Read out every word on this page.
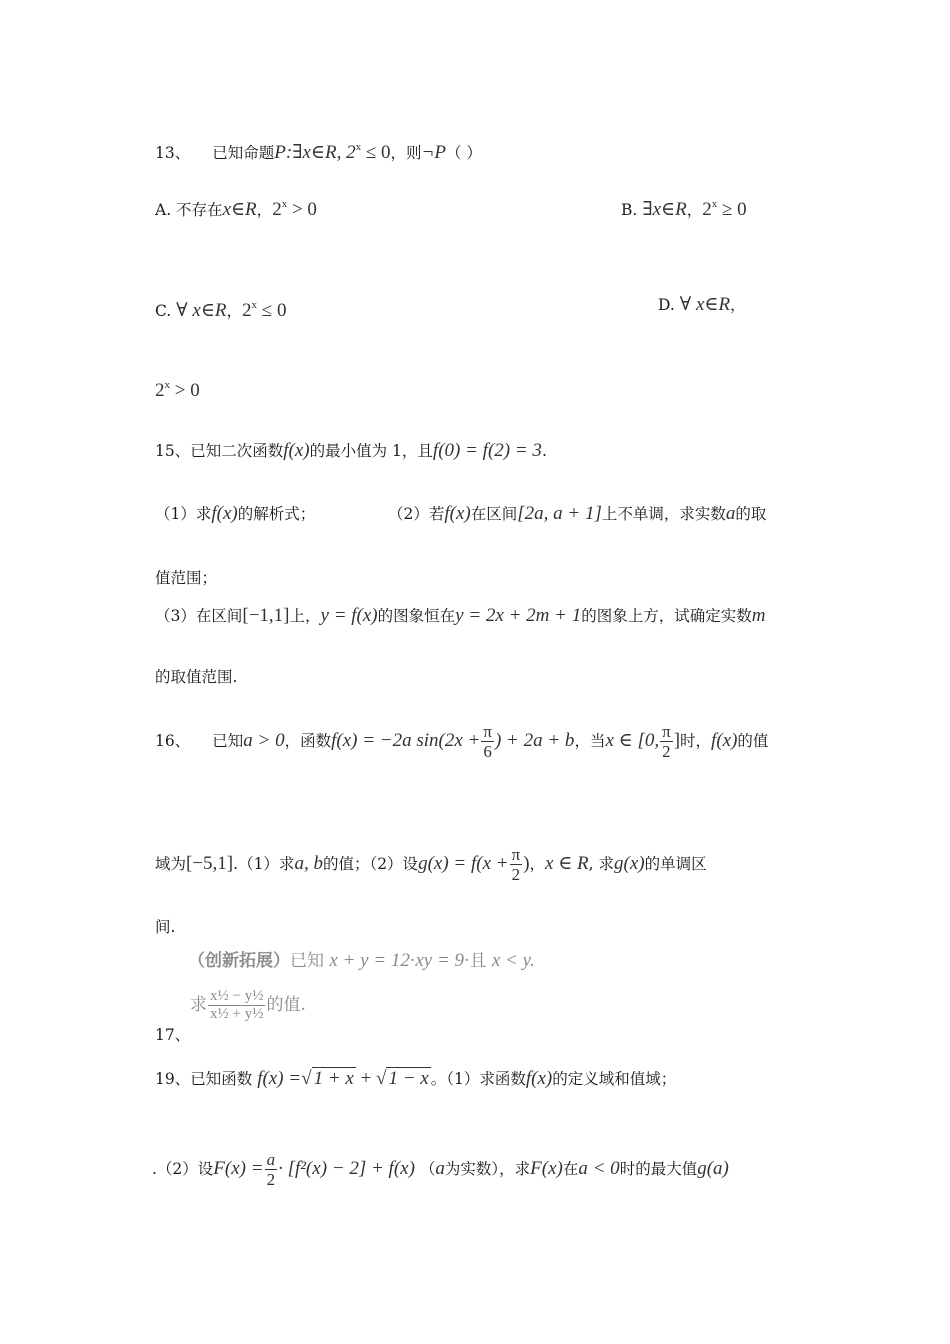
13、 已知命题P:∃x∈R, $2^x \le 0$，则¬P（ ）
A. 不存在x∈R，$2^x > 0$	B. ∃x∈R，$2^x \ge 0$
C. ∀ x∈R，$2^x \le 0$	D. ∀ x∈R，
$2^x > 0$
15、已知二次函数f(x)的最小值为 1，且f(0) = f(2) = 3.
（1）求f(x)的解析式；	（2）若f(x)在区间[2a, a + 1]上不单调，求实数a的取
值范围；
（3）在区间[−1,1]上，y = f(x)的图象恒在y = 2x + 2m + 1的图象上方，试确定实数m
的取值范围.
16、 已知a > 0，函数f(x) = −2a $\sin(2x + \frac{\pi}{6}$ ) + 2a + b，当x ∈ [0, $\frac{\pi}{2}$ ]时，f(x)的值
域为[−5,1].（1）求a, b的值；（2）设$g(x) = f(x + \frac{\pi}{2}$ )，x ∈ R, 求g(x)的单调区
间.
（创新拓展）已知 x + y = 12·xy = 9·且 x < y.
求 $\frac{\text{x½ − y½}}{\text{x½ + y½}}$ 的值.
17、
19、已知函数 f(x) =√ 1 + x + √ 1 − x 。（1）求函数f(x)的定义域和值域；
.（2）设$F(x) = \frac{a}{2} \cdot [f^2(x) - 2] + f(x)$ （a为实数），求F(x)在a < 0时的最大值g(a)
